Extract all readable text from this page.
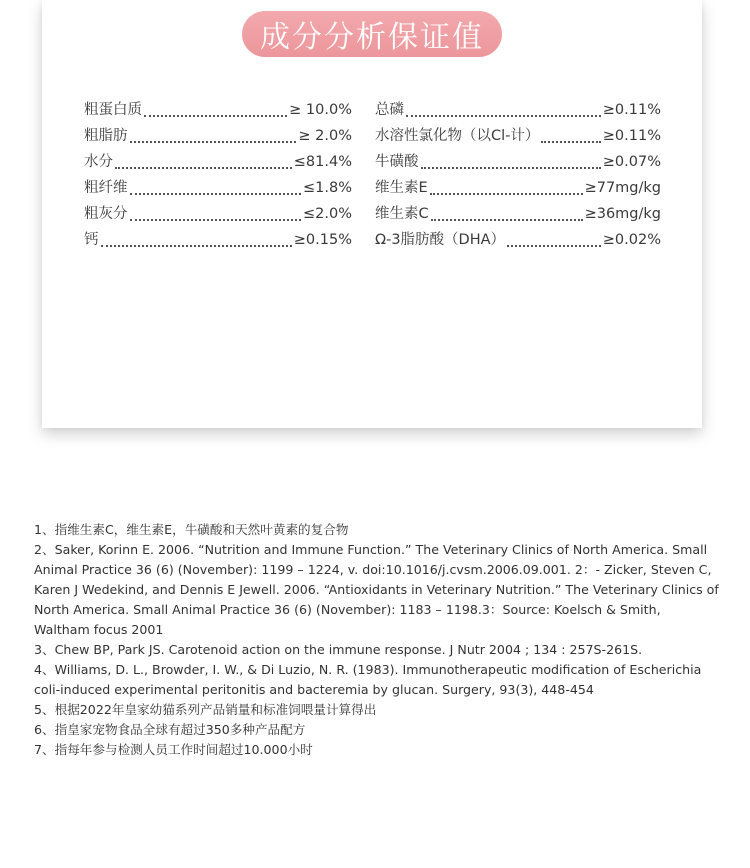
成分分析保证值
粗蛋白质	≥ 10.0%
粗脂肪	≥ 2.0%
水分	≤81.4%
粗纤维	≤1.8%
粗灰分	≤2.0%
钙	≥0.15%
总磷	≥0.11%
水溶性氯化物（以Cl-计）	≥0.11%
牛磺酸	≥0.07%
维生素E	≥77mg/kg
维生素C	≥36mg/kg
Ω-3脂肪酸（DHA）	≥0.02%

1、指维生素C，维生素E，牛磺酸和天然叶黄素的复合物

2、Saker, Korinn E. 2006. “Nutrition and Immune Function.” The Veterinary Clinics of North America. Small Animal Practice 36 (6) (November): 1199 – 1224, v. doi:10.1016/j.cvsm.2006.09.001. 2：- Zicker, Steven C, Karen J Wedekind, and Dennis E Jewell. 2006. “Antioxidants in Veterinary Nutrition.” The Veterinary Clinics of North America. Small Animal Practice 36 (6) (November): 1183 – 1198.3：Source: Koelsch & Smith, Waltham focus 2001

3、Chew BP, Park JS. Carotenoid action on the immune response. J Nutr 2004 ; 134 : 257S-261S.

4、Williams, D. L., Browder, I. W., & Di Luzio, N. R. (1983). Immunotherapeutic modification of Escherichia coli-induced experimental peritonitis and bacteremia by glucan. Surgery, 93(3), 448-454

5、根据2022年皇家幼猫系列产品销量和标准饲喂量计算得出

6、指皇家宠物食品全球有超过350多种产品配方

7、指每年参与检测人员工作时间超过10.000小时
